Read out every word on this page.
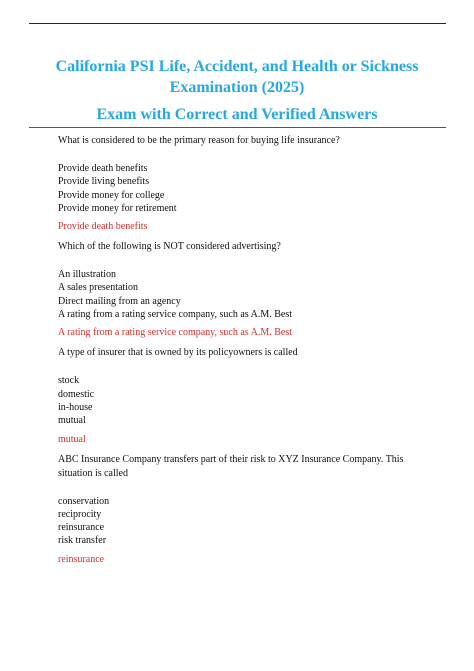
California PSI Life, Accident, and Health or Sickness Examination (2025)
Exam with Correct and Verified Answers

What is considered to be the primary reason for buying life insurance?

Provide death benefits

Provide living benefits

Provide money for college

Provide money for retirement

Provide death benefits

Which of the following is NOT considered advertising?

An illustration

A sales presentation

Direct mailing from an agency

A rating from a rating service company, such as A.M. Best

A rating from a rating service company, such as A.M. Best

A type of insurer that is owned by its policyowners is called

stock

domestic

in-house

mutual

mutual

ABC Insurance Company transfers part of their risk to XYZ Insurance Company. This situation is called

conservation

reciprocity

reinsurance

risk transfer

reinsurance
